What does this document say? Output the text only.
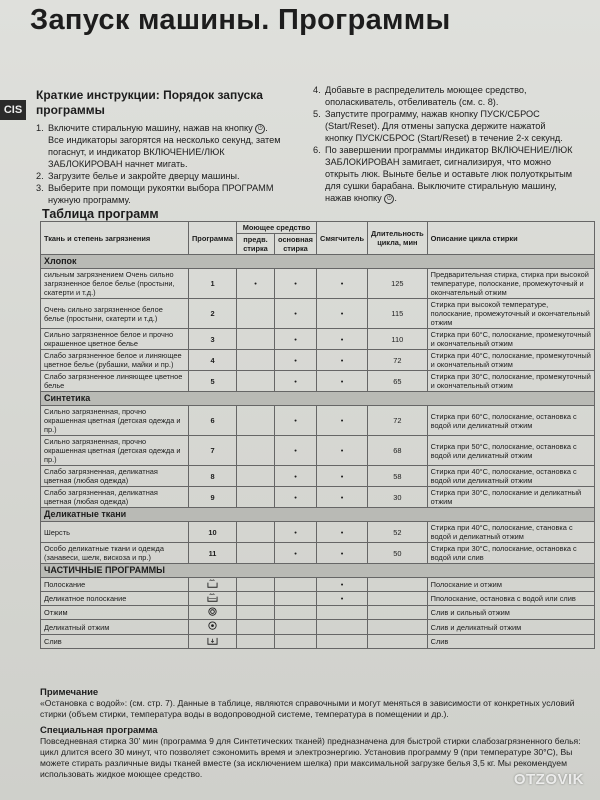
Запуск машины. Программы
CIS
Краткие инструкции: Порядок запуска программы
1. Включите стиральную машину, нажав на кнопку ⏻ . Все индикаторы загорятся на несколько секунд, затем погаснут, и индикатор ВКЛЮЧЕНИЕ/ЛЮК ЗАБЛОКИРОВАН начнет мигать.
2. Загрузите белье и закройте дверцу машины.
3. Выберите при помощи рукоятки выбора ПРОГРАММ нужную программу.
4. Добавьте в распределитель моющее средство, ополаскиватель, отбеливатель (см. с. 8).
5. Запустите программу, нажав кнопку ПУСК/СБРОС (Start/Reset). Для отмены запуска держите нажатой кнопку ПУСК/СБРОС (Start/Reset) в течение 2-х секунд.
6. По завершении программы индикатор ВКЛЮЧЕНИЕ/ЛЮК ЗАБЛОКИРОВАН замигает, сигнализируя, что можно открыть люк. Выньте белье и оставьте люк полуоткрытым для сушки барабана. Выключите стиральную машину, нажав кнопку ⏻ .
Таблица программ
Ткань и степень загрязнения	Программа	Моющее средство		Смягчитель	Длительность цикла, мин	Описание цикла стирки
		предв. стирка	основная стирка			
Хлопок						
сильным загрязнением Очень сильно загрязненное белое белье (простыни, скатерти и т.д.)	1	•	•	•	125	Предварительная стирка, стирка при высокой температуре, полоскание, промежуточный и окончательный отжим
Очень сильно загрязненное белое белье (простыни, скатерти и т.д.)	2		•	•	115	Стирка при высокой температуре, полоскание, промежуточный и окончательный отжим
Сильно загрязненное белое и прочно окрашенное цветное белье	3		•	•	110	Стирка при 60°C, полоскание, промежуточный и окончательный отжим
Слабо загрязненное белое и линяющее цветное белье (рубашки, майки и пр.)	4		•	•	72	Стирка при 40°C, полоскание, промежуточный и окончательный отжим
Слабо загрязненное линяющее цветное белье	5		•	•	65	Стирка при 30°C, полоскание, промежуточный и окончательный отжим
Синтетика						
Сильно загрязненная, прочно окрашенная цветная (детская одежда и пр.)	6		•	•	72	Стирка при 60°C, полоскание, остановка с водой или деликатный отжим
Сильно загрязненная, прочно окрашенная цветная (детская одежда и пр.)	7		•	•	68	Стирка при 50°C, полоскание, остановка с водой или деликатный отжим
Слабо загрязненная, деликатная цветная (любая одежда)	8		•	•	58	Стирка при 40°C, полоскание, остановка с водой или деликатный отжим
Слабо загрязненная, деликатная цветная (любая одежда)	9		•	•	30	Стирка при 30°C, полоскание и деликатный отжим
Деликатные ткани						
Шерсть	10		•	•	52	Стирка при 40°C, полоскание, становка с водой и деликатный отжим
Особо деликатные ткани и одежда (занавеси, шелк, вискоза и пр.)	11		•	•	50	Стирка при 30°C, полоскание, остановка с водой или слив
ЧАСТИЧНЫЕ ПРОГРАММЫ						
Полоскание				•		Полоскание и отжим
Деликатное полоскание				•		Пполоскание, остановка с водой или слив
Отжим						Слив и сильный отжим
Деликатный отжим						Слив и деликатный отжим
Слив						Слив
Примечание
«Остановка с водой»: (см. стр. 7). Данные в таблице, являются справочными и могут меняться в зависимости от конкретных условий стирки (объем стирки, температура воды в водопроводной системе, температура в помещении и др.).
Специальная программа
Повседневная стирка 30' мин (программа 9 для Синтетических тканей) предназначена для быстрой стирки слабозагрязненного белья: цикл длится всего 30 минут, что позволяет сэкономить время и электроэнергию. Установив программу 9 (при температуре 30°C), Вы можете стирать различные виды тканей вместе (за исключением шелка) при максимальной загрузке белья 3,5 кг. Мы рекомендуем использовать жидкое моющее средство.	OTZOVIK
